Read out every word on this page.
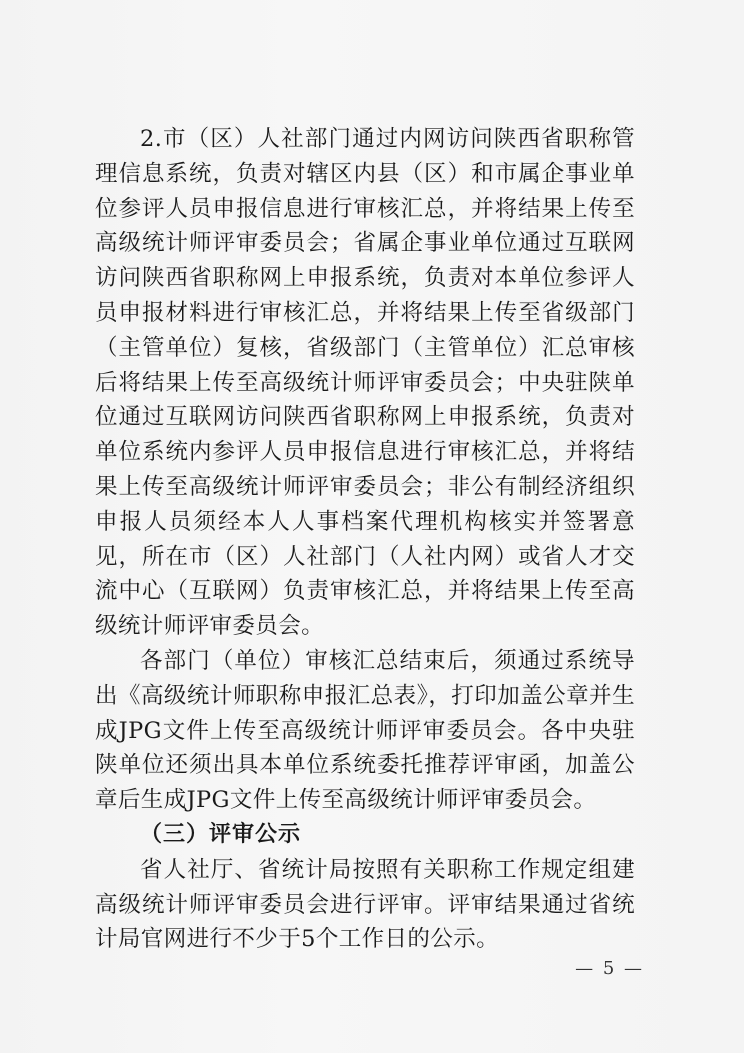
2.市（区）人社部门通过内网访问陕西省职称管理信息系统，负责对辖区内县（区）和市属企事业单位参评人员申报信息进行审核汇总，并将结果上传至高级统计师评审委员会；省属企事业单位通过互联网访问陕西省职称网上申报系统，负责对本单位参评人员申报材料进行审核汇总，并将结果上传至省级部门（主管单位）复核，省级部门（主管单位）汇总审核后将结果上传至高级统计师评审委员会；中央驻陕单位通过互联网访问陕西省职称网上申报系统，负责对单位系统内参评人员申报信息进行审核汇总，并将结果上传至高级统计师评审委员会；非公有制经济组织申报人员须经本人人事档案代理机构核实并签署意见，所在市（区）人社部门（人社内网）或省人才交流中心（互联网）负责审核汇总，并将结果上传至高级统计师评审委员会。

各部门（单位）审核汇总结束后，须通过系统导出《高级统计师职称申报汇总表》，打印加盖公章并生成JPG文件上传至高级统计师评审委员会。各中央驻陕单位还须出具本单位系统委托推荐评审函，加盖公章后生成JPG文件上传至高级统计师评审委员会。

（三）评审公示

省人社厅、省统计局按照有关职称工作规定组建高级统计师评审委员会进行评审。评审结果通过省统计局官网进行不少于5个工作日的公示。

— 5 —
